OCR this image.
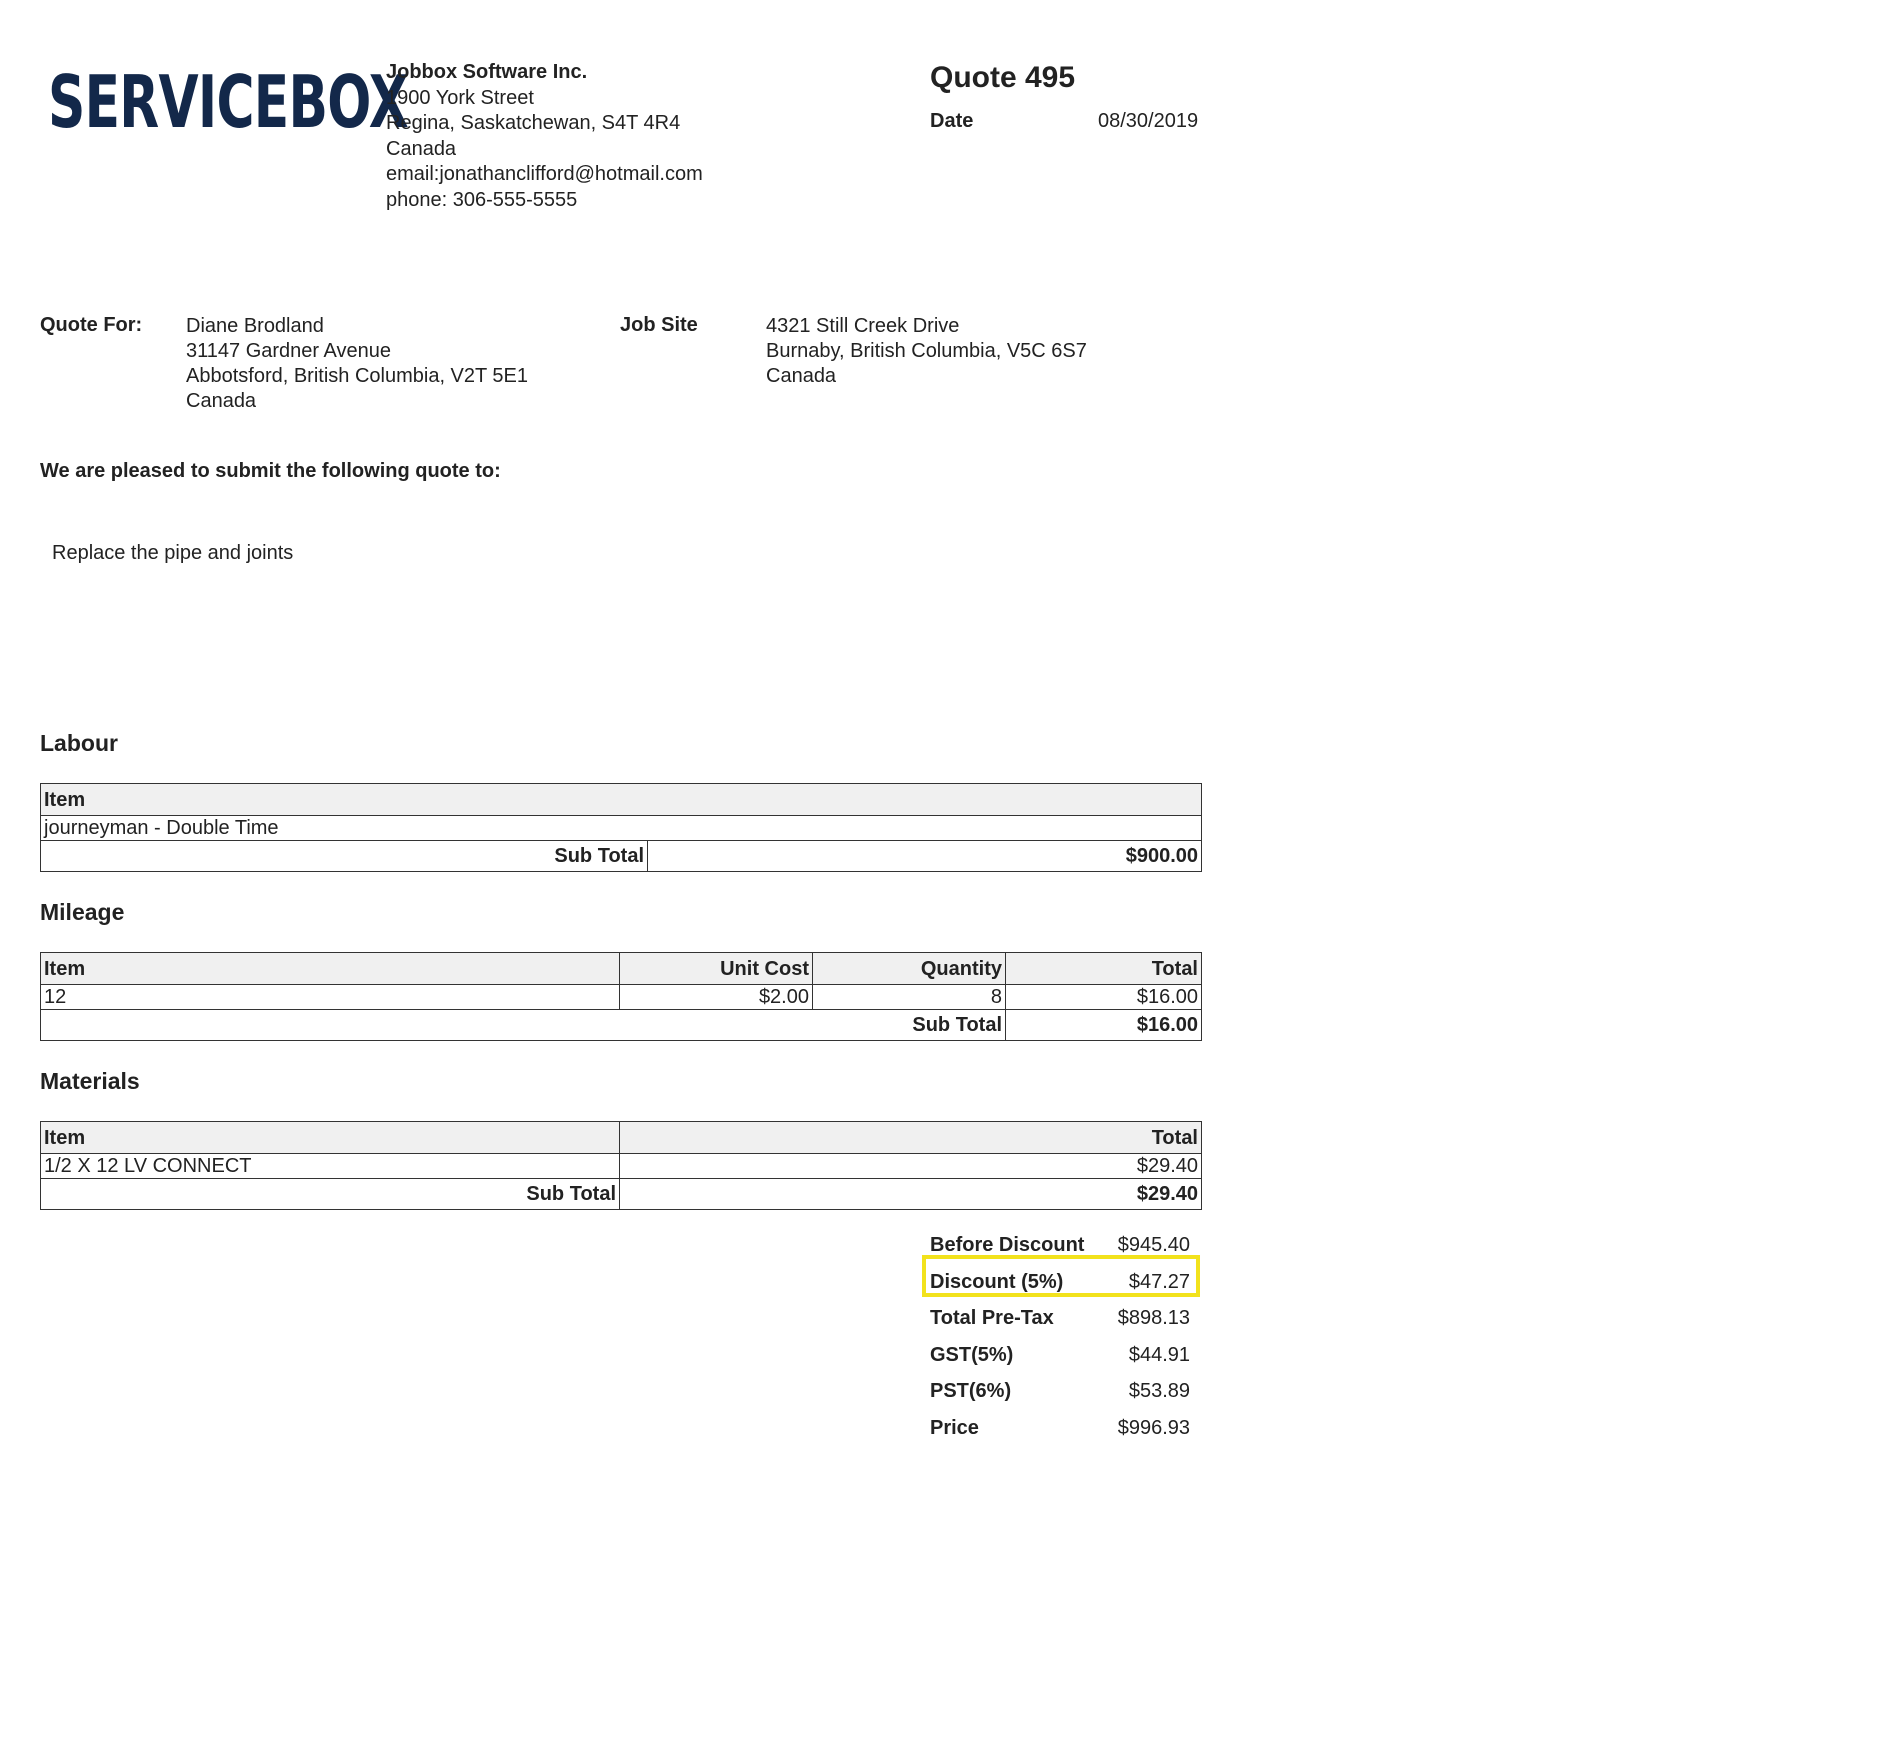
SERVICEBOX
Jobbox Software Inc.
1900 York Street
Regina, Saskatchewan, S4T 4R4
Canada
email:jonathanclifford@hotmail.com
phone: 306-555-5555
Quote 495
Date	08/30/2019
Quote For: Diane Brodland
31147 Gardner Avenue
Abbotsford, British Columbia, V2T 5E1
Canada
Job Site	4321 Still Creek Drive
Burnaby, British Columbia, V5C 6S7
Canada
We are pleased to submit the following quote to:
Replace the pipe and joints
Labour
Item
journeyman - Double Time
Sub Total	$900.00
Mileage
Item	Unit Cost	Quantity	Total
12	$2.00	8	$16.00
Sub Total			$16.00
Materials
Item	Total
1/2 X 12 LV CONNECT	$29.40
Sub Total	$29.40
Before Discount $945.40
Discount (5%)	$47.27
Total Pre-Tax	$898.13
GST(5%)	$44.91
PST(6%)	$53.89
Price	$996.93
